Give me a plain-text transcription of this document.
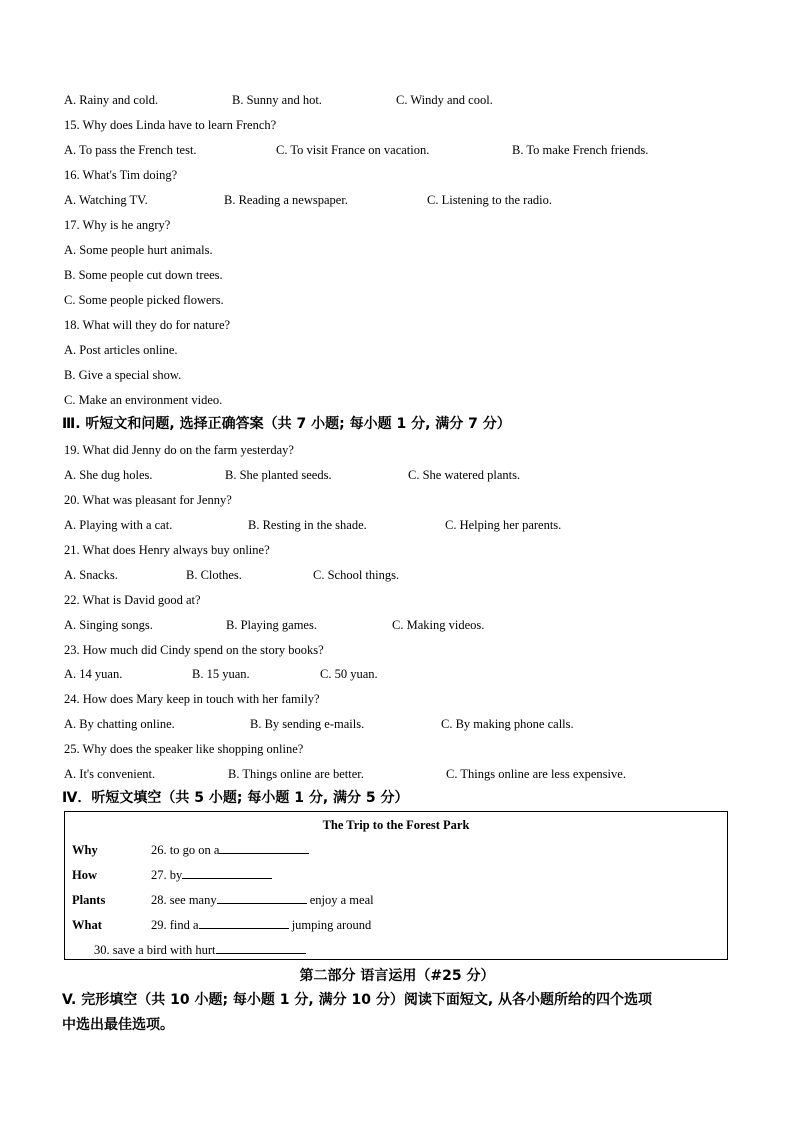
A. Rainy and cold.	B. Sunny and hot.	C. Windy and cool.
15. Why does Linda have to learn French?
A. To pass the French test.	C. To visit France on vacation.	B. To make French friends.
16. What's Tim doing?
A. Watching TV.	B. Reading a newspaper.	C. Listening to the radio.
17. Why is he angry?
A. Some people hurt animals.
B. Some people cut down trees.
C. Some people picked flowers.
18. What will they do for nature?
A. Post articles online.
B. Give a special show.
C. Make an environment video.
Ⅲ. 听短文和问题, 选择正确答案（共 7 小题; 每小题 1 分, 满分 7 分）
19. What did Jenny do on the farm yesterday?
A. She dug holes.	B. She planted seeds.	C. She watered plants.
20. What was pleasant for Jenny?
A. Playing with a cat.	B. Resting in the shade.	C. Helping her parents.
21. What does Henry always buy online?
A. Snacks.	B. Clothes.	C. School things.
22. What is David good at?
A. Singing songs.	B. Playing games.	C. Making videos.
23. How much did Cindy spend on the story books?
A. 14 yuan.	B. 15 yuan.	C. 50 yuan.
24. How does Mary keep in touch with her family?
A. By chatting online.	B. By sending e-mails.	C. By making phone calls.
25. Why does the speaker like shopping online?
A. It's convenient.	B. Things online are better.	C. Things online are less expensive.
Ⅳ．听短文填空（共 5 小题; 每小题 1 分, 满分 5 分）
The Trip to the Forest Park
Why	26. to go on a
How	27. by
Plants	28. see many	enjoy a meal
What	29. find a	jumping around
30. save a bird with hurt
第二部分 语言运用（#25 分）
V. 完形填空（共 10 小题; 每小题 1 分, 满分 10 分）阅读下面短文, 从各小题所给的四个选项
中选出最佳选项。
